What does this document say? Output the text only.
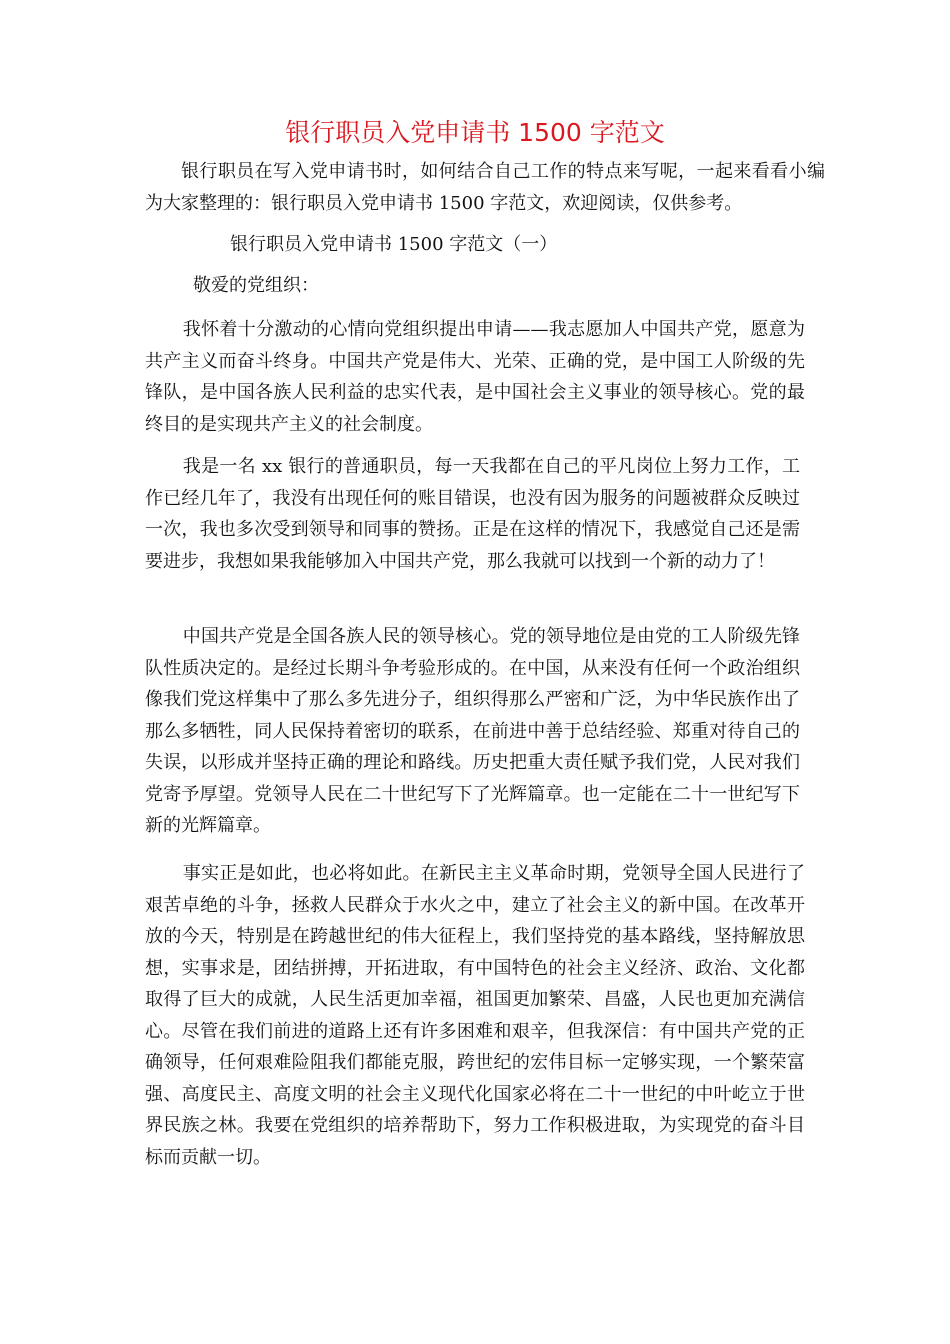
银行职员入党申请书 1500 字范文

银行职员在写入党申请书时，如何结合自己工作的特点来写呢，一起来看看小编为大家整理的：银行职员入党申请书 1500 字范文，欢迎阅读，仅供参考。

银行职员入党申请书 1500 字范文（一）

敬爱的党组织：

我怀着十分激动的心情向党组织提出申请——我志愿加人中国共产党，愿意为共产主义而奋斗终身。中国共产党是伟大、光荣、正确的党，是中国工人阶级的先锋队，是中国各族人民利益的忠实代表，是中国社会主义事业的领导核心。党的最终目的是实现共产主义的社会制度。

我是一名 xx 银行的普通职员，每一天我都在自己的平凡岗位上努力工作，工作已经几年了，我没有出现任何的账目错误，也没有因为服务的问题被群众反映过一次，我也多次受到领导和同事的赞扬。正是在这样的情况下，我感觉自己还是需要进步，我想如果我能够加入中国共产党，那么我就可以找到一个新的动力了！

中国共产党是全国各族人民的领导核心。党的领导地位是由党的工人阶级先锋队性质决定的。是经过长期斗争考验形成的。在中国，从来没有任何一个政治组织像我们党这样集中了那么多先进分子，组织得那么严密和广泛，为中华民族作出了那么多牺牲，同人民保持着密切的联系，在前进中善于总结经验、郑重对待自己的失误，以形成并坚持正确的理论和路线。历史把重大责任赋予我们党，人民对我们党寄予厚望。党领导人民在二十世纪写下了光辉篇章。也一定能在二十一世纪写下新的光辉篇章。

事实正是如此，也必将如此。在新民主主义革命时期，党领导全国人民进行了艰苦卓绝的斗争，拯救人民群众于水火之中，建立了社会主义的新中国。在改革开放的今天，特别是在跨越世纪的伟大征程上，我们坚持党的基本路线，坚持解放思想，实事求是，团结拼搏，开拓进取，有中国特色的社会主义经济、政治、文化都取得了巨大的成就，人民生活更加幸福，祖国更加繁荣、昌盛，人民也更加充满信心。尽管在我们前进的道路上还有许多困难和艰辛，但我深信：有中国共产党的正确领导，任何艰难险阻我们都能克服，跨世纪的宏伟目标一定够实现，一个繁荣富强、高度民主、高度文明的社会主义现代化国家必将在二十一世纪的中叶屹立于世界民族之林。我要在党组织的培养帮助下，努力工作积极进取，为实现党的奋斗目标而贡献一切。
